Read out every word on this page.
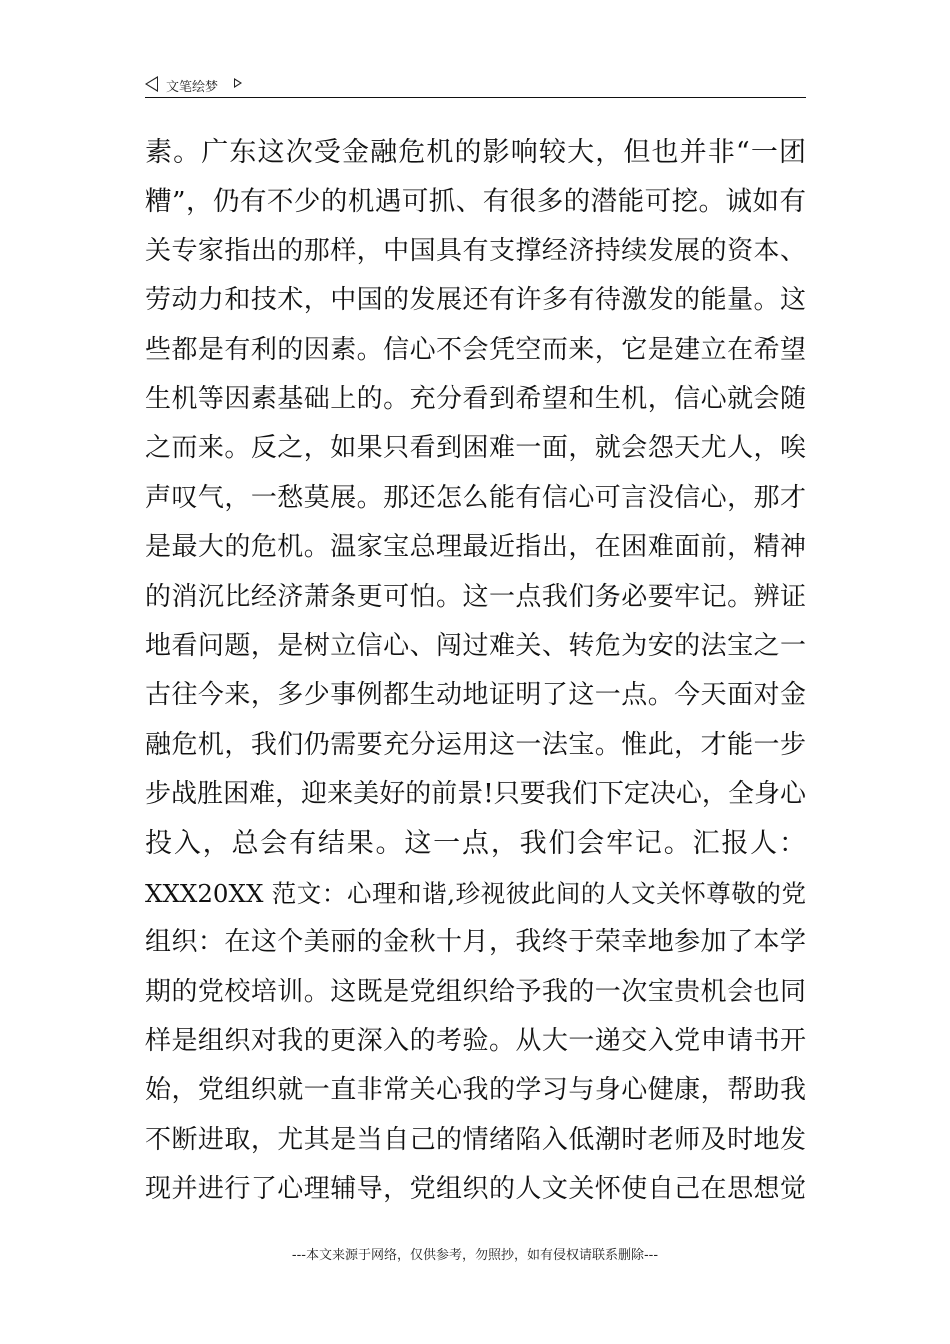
文笔绘梦
素。广东这次受金融危机的影响较大，但也并非“一团
糟”，仍有不少的机遇可抓、有很多的潜能可挖。诚如有
关专家指出的那样，中国具有支撑经济持续发展的资本、
劳动力和技术，中国的发展还有许多有待激发的能量。这
些都是有利的因素。信心不会凭空而来，它是建立在希望
生机等因素基础上的。充分看到希望和生机，信心就会随
之而来。反之，如果只看到困难一面，就会怨天尤人，唉
声叹气，一愁莫展。那还怎么能有信心可言没信心，那才
是最大的危机。温家宝总理最近指出，在困难面前，精神
的消沉比经济萧条更可怕。这一点我们务必要牢记。辨证
地看问题，是树立信心、闯过难关、转危为安的法宝之一
古往今来，多少事例都生动地证明了这一点。今天面对金
融危机，我们仍需要充分运用这一法宝。惟此，才能一步
步战胜困难，迎来美好的前景!只要我们下定决心，全身心
投入，总会有结果。这一点，我们会牢记。汇报人：
XXX20XX 范文：心理和谐,珍视彼此间的人文关怀尊敬的党
组织：在这个美丽的金秋十月，我终于荣幸地参加了本学
期的党校培训。这既是党组织给予我的一次宝贵机会也同
样是组织对我的更深入的考验。从大一递交入党申请书开
始，党组织就一直非常关心我的学习与身心健康，帮助我
不断进取，尤其是当自己的情绪陷入低潮时老师及时地发
现并进行了心理辅导，党组织的人文关怀使自己在思想觉
---本文来源于网络，仅供参考，勿照抄，如有侵权请联系删除---
